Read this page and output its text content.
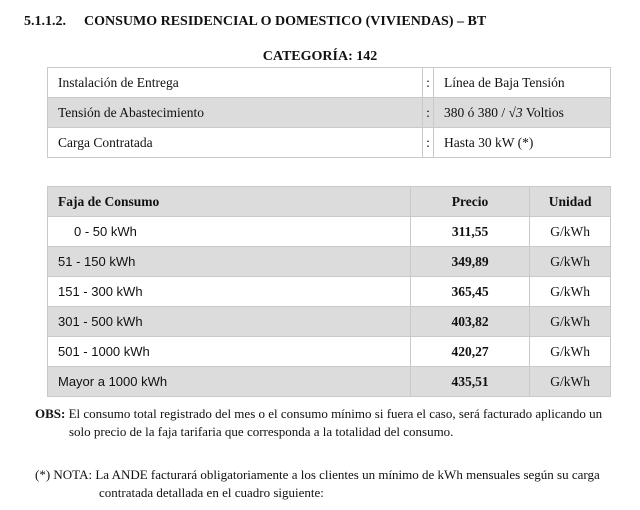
5.1.1.2. CONSUMO RESIDENCIAL O DOMESTICO (VIVIENDAS) – BT
CATEGORÍA: 142
Instalación de Entrega	:	Línea de Baja Tensión
Tensión de Abastecimiento	:	380 ó 380 / √3 Voltios
Carga Contratada	:	Hasta 30 kW (*)
Faja de Consumo	Precio	Unidad
0 - 50 kWh	311,55	G/kWh
51 - 150 kWh	349,89	G/kWh
151 - 300 kWh	365,45	G/kWh
301 - 500 kWh	403,82	G/kWh
501 - 1000 kWh	420,27	G/kWh
Mayor a 1000 kWh	435,51	G/kWh
OBS: El consumo total registrado del mes o el consumo mínimo si fuera el caso, será facturado aplicando un
solo precio de la faja tarifaria que corresponda a la totalidad del consumo.
(*) NOTA: La ANDE facturará obligatoriamente a los clientes un mínimo de kWh mensuales según su carga
contratada detallada en el cuadro siguiente:
